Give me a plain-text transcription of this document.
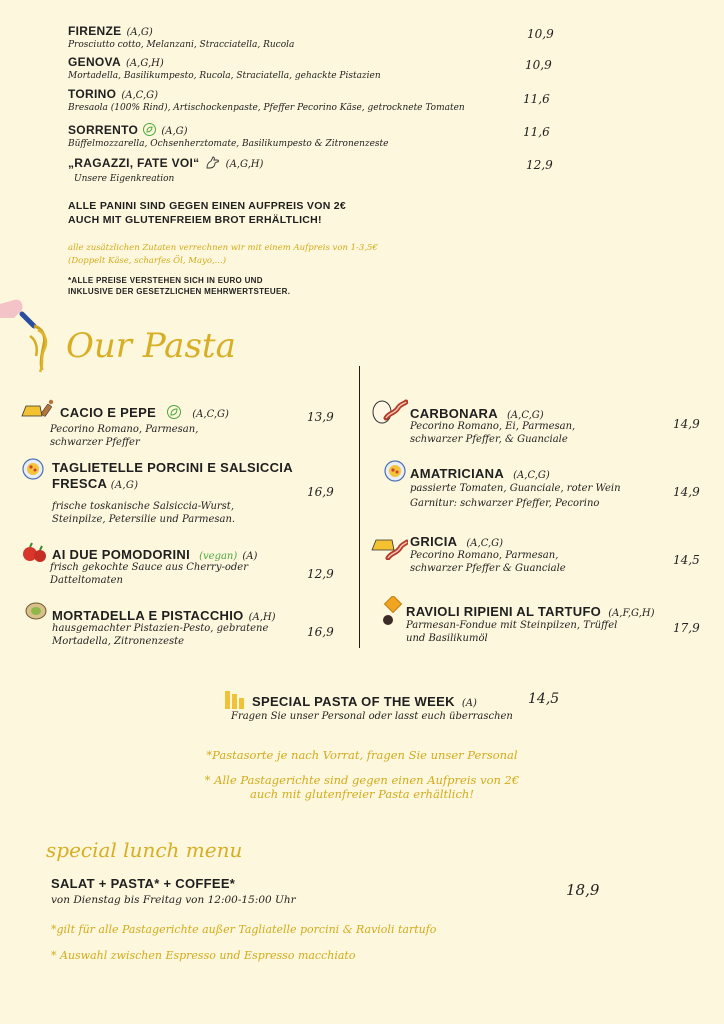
FIRENZE (A,G)
Prosciutto cotto, Melanzani, Stracciatella, Rucola
10,9
GENOVA (A,G,H)
Mortadella, Basilikumpesto, Rucola, Straciatella, gehackte Pistazien
10,9
TORINO (A,C,G)
Bresaola (100% Rind), Artischockenpaste, Pfeffer Pecorino Käse, getrocknete Tomaten
11,6
SORRENTO (A,G)
Büffelmozzarella, Ochsenherztomate, Basilikumpesto & Zitronenzeste
11,6
„RAGAZZI, FATE VOI“	(A,G,H)
Unsere Eigenkreation
12,9
ALLE PANINI SIND GEGEN EINEN AUFPREIS VON 2€
AUCH MIT GLUTENFREIEM BROT ERHÄLTLICH!
alle zusätzlichen Zutaten verrechnen wir mit einem Aufpreis von 1-3,5€
(Doppelt Käse, scharfes Öl, Mayo,...)
*ALLE PREISE VERSTEHEN SICH IN EURO UND
INKLUSIVE DER GESETZLICHEN MEHRWERTSTEUER.
Our Pasta
CACIO E PEPE	(A,C,G)
Pecorino Romano, Parmesan,
schwarzer Pfeffer
13,9
TAGLIETELLE PORCINI E SALSICCIA
FRESCA (A,G)
frische toskanische Salsiccia-Wurst,
Steinpilze, Petersilie und Parmesan.
16,9
AI DUE POMODORINI (vegan) (A)
frisch gekochte Sauce aus Cherry-oder
Datteltomaten	12,9
MORTADELLA E PISTACCHIO (A,H)
hausgemachter Pistazien-Pesto, gebratene
Mortadella, Zitronenzeste
16,9
CARBONARA (A,C,G)
Pecorino Romano, Ei, Parmesan,
schwarzer Pfeffer, & Guanciale
14,9
AMATRICIANA (A,C,G)
passierte Tomaten, Guanciale, roter Wein
Garnitur: schwarzer Pfeffer, Pecorino
14,9
GRICIA (A,C,G)
Pecorino Romano, Parmesan,
schwarzer Pfeffer & Guanciale
14,5
RAVIOLI RIPIENI AL TARTUFO (A,F,G,H)
Parmesan-Fondue mit Steinpilzen, Trüffel
und Basilikumöl
17,9
SPECIAL PASTA OF THE WEEK (A)
Fragen Sie unser Personal oder lasst euch überraschen
14,5
*Pastasorte je nach Vorrat, fragen Sie unser Personal
* Alle Pastagerichte sind gegen einen Aufpreis von 2€
auch mit glutenfreier Pasta erhältlich!
special lunch menu
SALAT + PASTA* + COFFEE*
von Dienstag bis Freitag von 12:00-15:00 Uhr
18,9
*gilt für alle Pastagerichte außer Tagliatelle porcini & Ravioli tartufo
* Auswahl zwischen Espresso und Espresso macchiato
